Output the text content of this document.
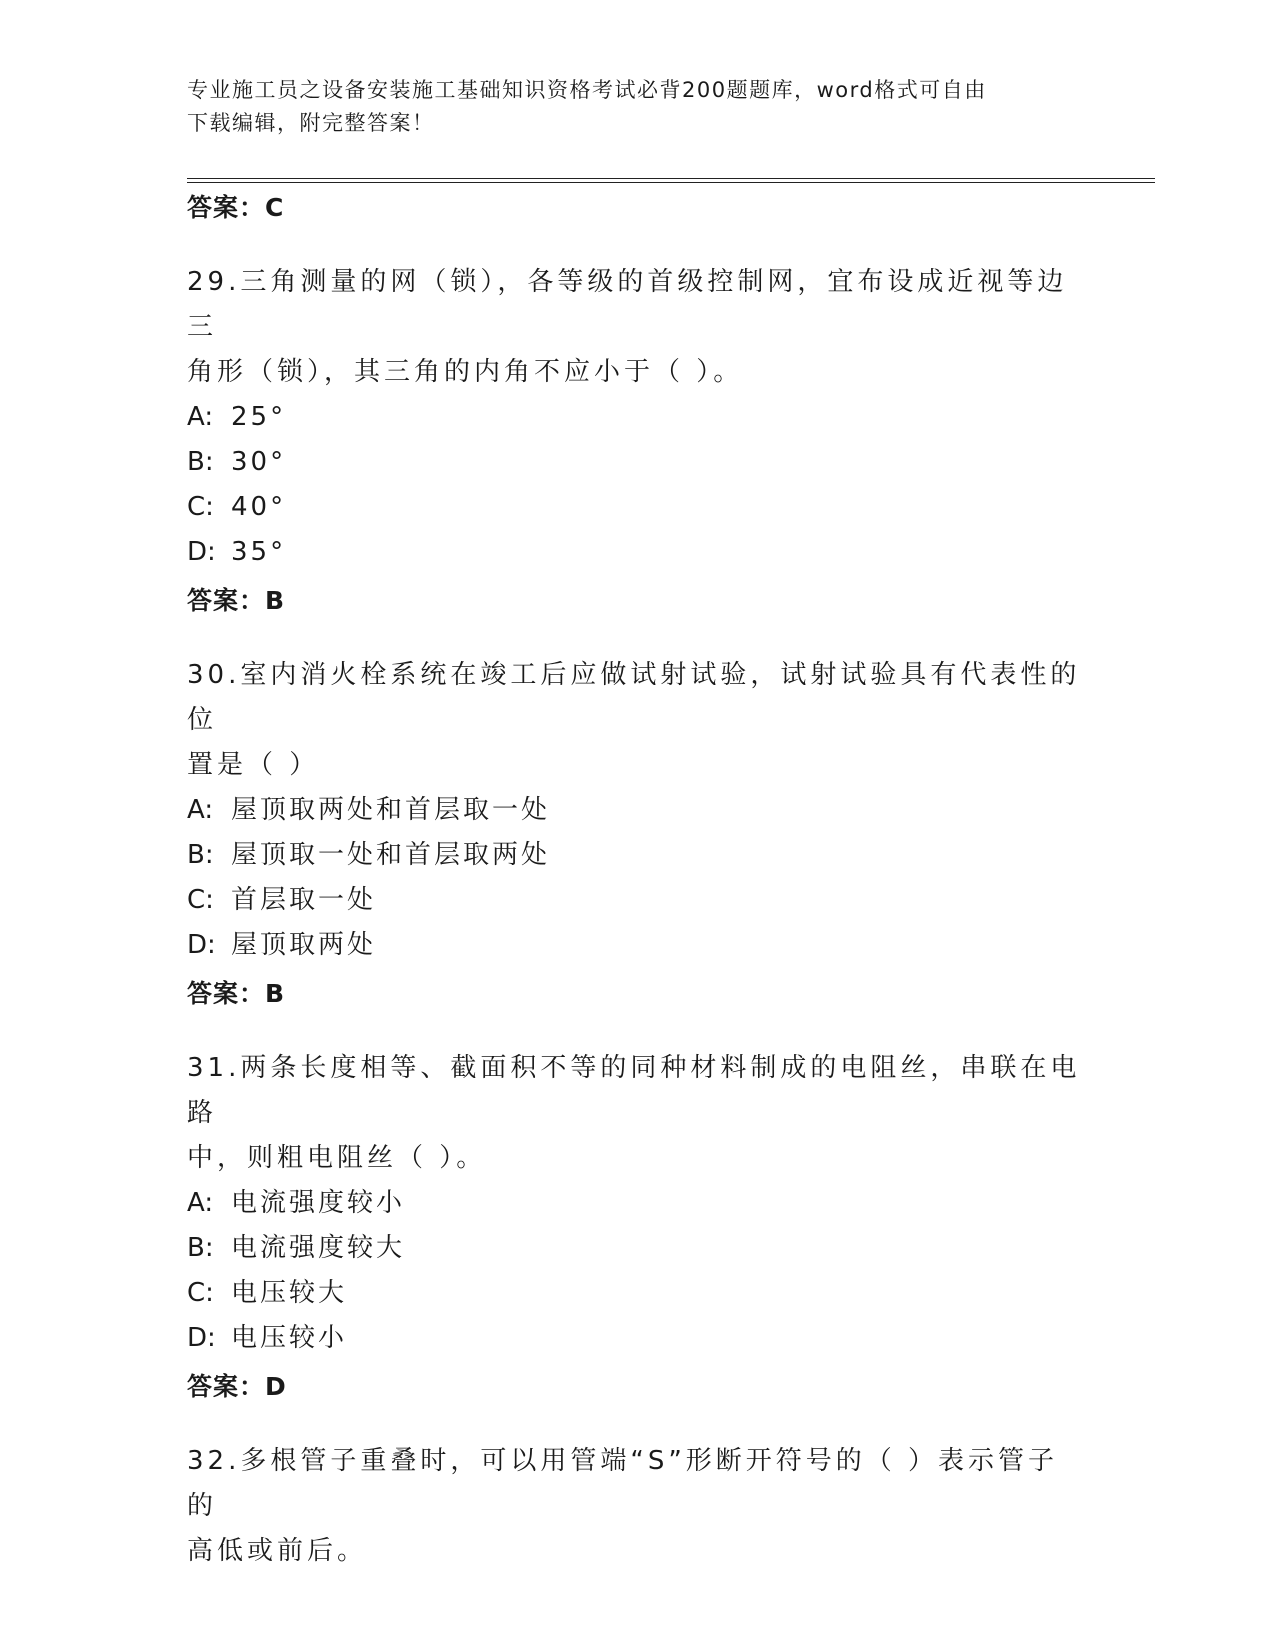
专业施工员之设备安装施工基础知识资格考试必背200题题库，word格式可自由
下载编辑，附完整答案！
答案：C
29.三角测量的网（锁），各等级的首级控制网，宜布设成近视等边三
角形（锁），其三角的内角不应小于（ ）。
A: 25°
B: 30°
C: 40°
D: 35°
答案：B
30.室内消火栓系统在竣工后应做试射试验，试射试验具有代表性的位
置是（ ）
A: 屋顶取两处和首层取一处
B: 屋顶取一处和首层取两处
C: 首层取一处
D: 屋顶取两处
答案：B
31.两条长度相等、截面积不等的同种材料制成的电阻丝，串联在电路
中，则粗电阻丝（ ）。
A: 电流强度较小
B: 电流强度较大
C: 电压较大
D: 电压较小
答案：D
32.多根管子重叠时，可以用管端“S”形断开符号的（ ）表示管子的
高低或前后。
